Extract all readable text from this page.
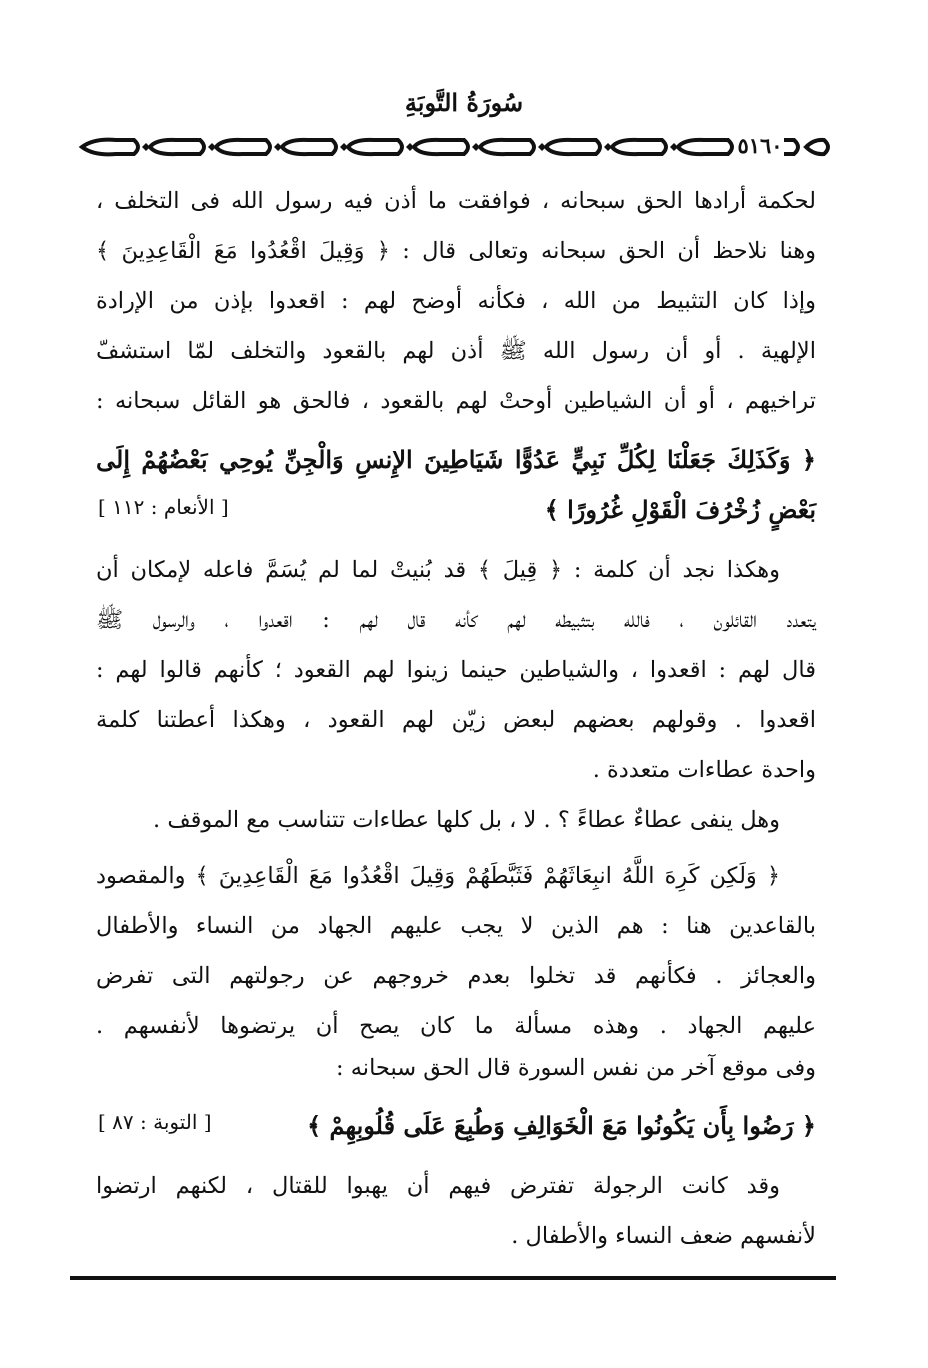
سُورَةُ التَّوبَةِ
٥١٦٠
لحكمة أرادها الحق سبحانه ، فوافقت ما أذن فيه رسول الله فى التخلف ،
وهنا نلاحظ أن الحق سبحانه وتعالى قال : ﴿ وَقِيلَ اقْعُدُوا مَعَ الْقَاعِدِينَ ﴾
وإذا كان التثبيط من الله ، فكأنه أوضح لهم : اقعدوا بإذن من الإرادة
الإلهية . أو أن رسول الله ﷺ أذن لهم بالقعود والتخلف لمّا استشفّ
تراخيهم ، أو أن الشياطين أوحتْ لهم بالقعود ، فالحق هو القائل سبحانه :
﴿ وَكَذَلِكَ جَعَلْنَا لِكُلِّ نَبِيٍّ عَدُوًّا شَيَاطِينَ الإِنسِ وَالْجِنِّ يُوحِي بَعْضُهُمْ إِلَى
بَعْضٍ زُخْرُفَ الْقَوْلِ غُرُورًا ﴾
[ الأنعام : ١١٢ ]
وهكذا نجد أن كلمة : ﴿ قِيلَ ﴾ قد بُنيتْ لما لم يُسَمَّ فاعله لإمكان أن
يتعدد القائلون ، فالله بتثبيطه لهم كأنه قال لهم : اقعدوا ، والرسول ﷺ
قال لهم : اقعدوا ، والشياطين حينما زينوا لهم القعود ؛ كأنهم قالوا لهم :
اقعدوا . وقولهم بعضهم لبعض زيّن لهم القعود ، وهكذا أعطتنا كلمة
واحدة عطاءات متعددة .
وهل ينفى عطاءٌ عطاءً ؟ . لا ، بل كلها عطاءات تتناسب مع الموقف .
﴿ وَلَكِن كَرِهَ اللَّهُ انبِعَاثَهُمْ فَثَبَّطَهُمْ وَقِيلَ اقْعُدُوا مَعَ الْقَاعِدِينَ ﴾ والمقصود
بالقاعدين هنا : هم الذين لا يجب عليهم الجهاد من النساء والأطفال
والعجائز . فكأنهم قد تخلوا بعدم خروجهم عن رجولتهم التى تفرض
عليهم الجهاد . وهذه مسألة ما كان يصح أن يرتضوها لأنفسهم .
وفى موقع آخر من نفس السورة قال الحق سبحانه :
﴿ رَضُوا بِأَن يَكُونُوا مَعَ الْخَوَالِفِ وَطُبِعَ عَلَى قُلُوبِهِمْ ﴾
[ التوبة : ٨٧ ]
وقد كانت الرجولة تفترض فيهم أن يهبوا للقتال ، لكنهم ارتضوا
لأنفسهم ضعف النساء والأطفال .
